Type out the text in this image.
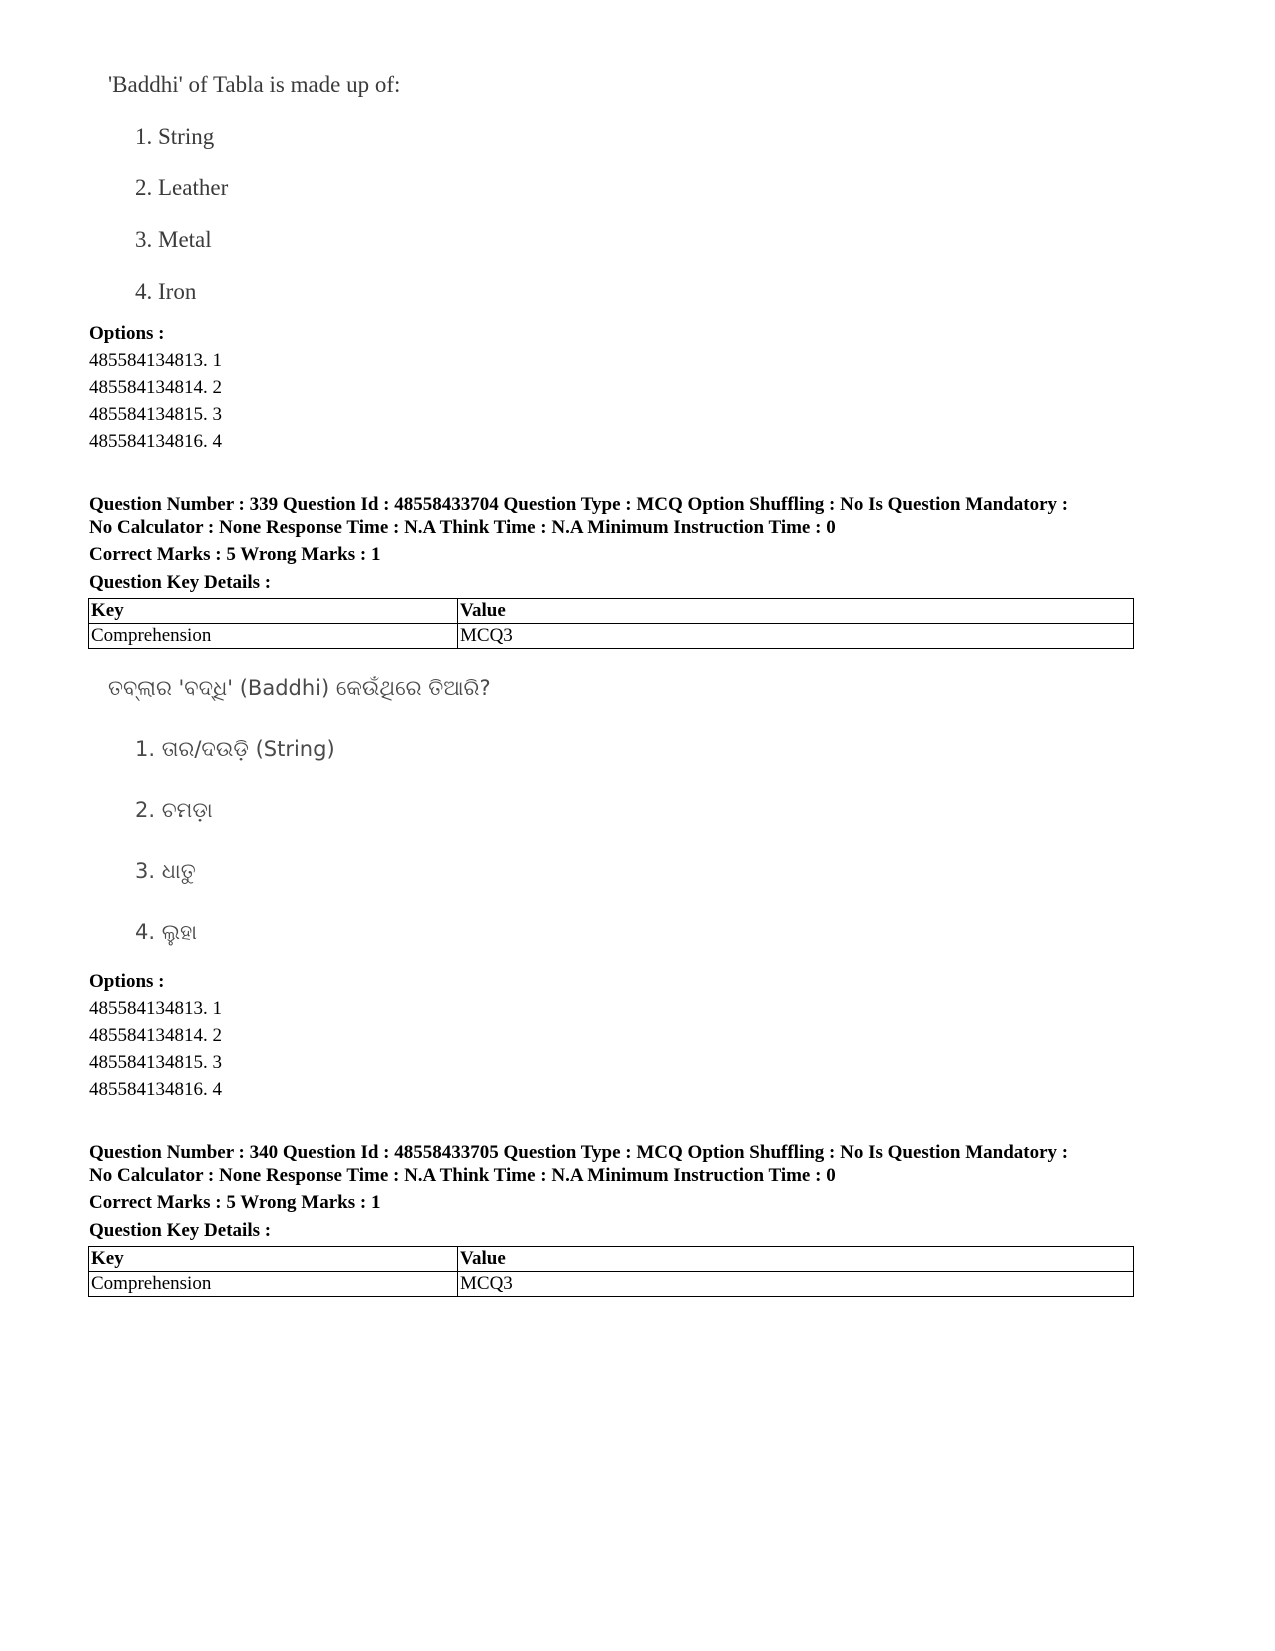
'Baddhi' of Tabla is made up of:
1. String
2. Leather
3. Metal
4. Iron
Options :
485584134813. 1
485584134814. 2
485584134815. 3
485584134816. 4
Question Number : 339 Question Id : 48558433704 Question Type : MCQ Option Shuffling : No Is Question Mandatory :
No Calculator : None Response Time : N.A Think Time : N.A Minimum Instruction Time : 0
Correct Marks : 5 Wrong Marks : 1
Question Key Details :
Key	Value
Comprehension	MCQ3
ତବ୍‌ଲାର 'ବଦ୍ଧି' (Baddhi) କେଉଁଥିରେ ତିଆରି?
1. ତାର/ଦଉଡ଼ି (String)
2. ଚମଡ଼ା
3. ଧାତୁ
4. ଲୁହା
Options :
485584134813. 1
485584134814. 2
485584134815. 3
485584134816. 4
Question Number : 340 Question Id : 48558433705 Question Type : MCQ Option Shuffling : No Is Question Mandatory :
No Calculator : None Response Time : N.A Think Time : N.A Minimum Instruction Time : 0
Correct Marks : 5 Wrong Marks : 1
Question Key Details :
Key	Value
Comprehension	MCQ3
